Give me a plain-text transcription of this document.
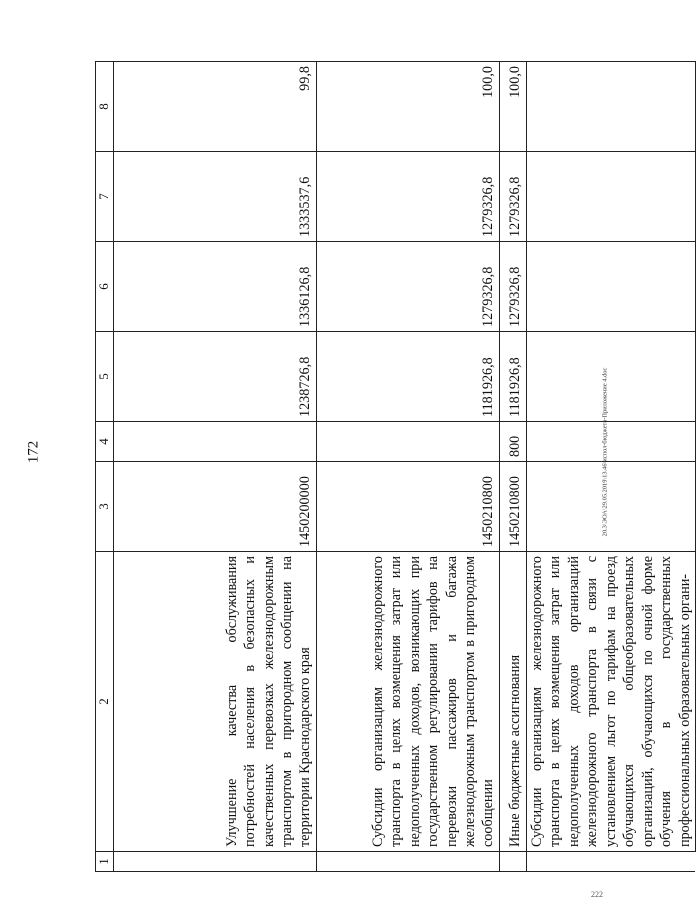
172
1	2	3	4	5	6	7	8
	Улучшение качества обслуживания потребностей населения в безопасных и качественных перевозках железнодорожным транспортом в пригородном сообщении на территории Краснодарского края	1450200000		1238726,8	1336126,8	1333537,6	99,8
	Субсидии организациям железнодорожного транспорта в целях возмещения затрат или недополученных доходов, возникающих при государственном регулировании тарифов на перевозки пассажиров и багажа железнодорожным транспортом в пригородном сообщении	1450210800		1181926,8	1279326,8	1279326,8	100,0
	Иные бюджетные ассигнования	1450210800	800	1181926,8	1279326,8	1279326,8	100,0
	Субсидии организациям железнодорожного транспорта в целях возмещения затрат или недополученных доходов организаций железнодорожного транспорта в связи с установлением льгот по тарифам на проезд обучающихся общеобразовательных организаций, обучающихся по очной форме обучения в государственных профессиональных образовательных органи-						
20.3\ЭОА\29.05.2019\13.46\испол-бюджета-Приложение 4.doc
222
